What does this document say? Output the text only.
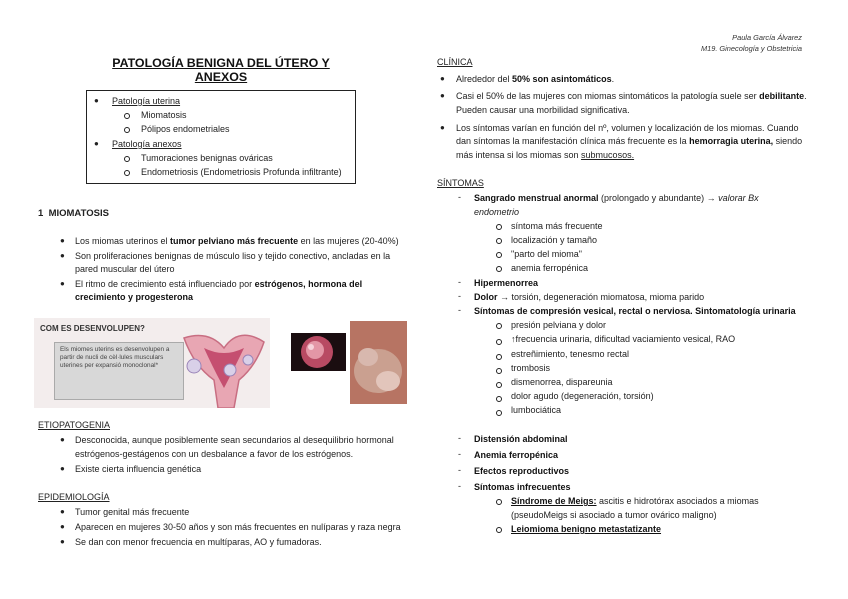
Paula García Álvarez
M19. Ginecología y Obstetricia
PATOLOGÍA BENIGNA DEL ÚTERO Y ANEXOS
● Patología uterina
Miomatosis
Pólipos endometriales
● Patología anexos
Tumoraciones benignas ováricas
Endometriosis (Endometriosis Profunda infiltrante)
1 MIOMATOSIS
● Los miomas uterinos el tumor pelviano más frecuente en las mujeres (20-40%)
● Son proliferaciones benignas de músculo liso y tejido conectivo, ancladas en la
pared muscular del útero
● El ritmo de crecimiento está influenciado por estrógenos, hormona del
crecimiento y progesterona
COM ES DESENVOLUPEN?
Els miomes uterins es desenvolupen a partir de nucli de cèl·lules musculars uterines per expansió monoclonal*
ETIOPATOGENIA
● Desconocida, aunque posiblemente sean secundarios al desequilibrio hormonal
estrógenos-gestágenos con un desbalance a favor de los estrógenos.
● Existe cierta influencia genética
EPIDEMIOLOGÍA
● Tumor genital más frecuente
● Aparecen en mujeres 30-50 años y son más frecuentes en nulíparas y raza negra
● Se dan con menor frecuencia en multíparas, AO y fumadoras.
CLÍNICA
● Alrededor del 50% son asintomáticos.
● Casi el 50% de las mujeres con miomas sintomáticos la patología suele ser debilitante.
Pueden causar una morbilidad significativa.
● Los síntomas varían en función del nº, volumen y localización de los miomas. Cuando
dan síntomas la manifestación clínica más frecuente es la hemorragia uterina, siendo
más intensa si los miomas son submucosos.
SÍNTOMAS
- Sangrado menstrual anormal (prolongado y abundante) → valorar Bx
endometrio
síntoma más frecuente
localización y tamaño
"parto del mioma"
anemia ferropénica
- Hipermenorrea
- Dolor → torsión, degeneración miomatosa, mioma parido
- Síntomas de compresión vesical, rectal o nerviosa. Sintomatología urinaria
presión pelviana y dolor
↑frecuencia urinaria, dificultad vaciamiento vesical, RAO
estreñimiento, tenesmo rectal
trombosis
dismenorrea, dispareunia
dolor agudo (degeneración, torsión)
lumbociática
- Distensión abdominal
- Anemia ferropénica
- Efectos reproductivos
- Síntomas infrecuentes
Síndrome de Meigs: ascitis e hidrotórax asociados a miomas
(pseudoMeigs si asociado a tumor ovárico maligno)
Leiomioma benigno metastatizante
